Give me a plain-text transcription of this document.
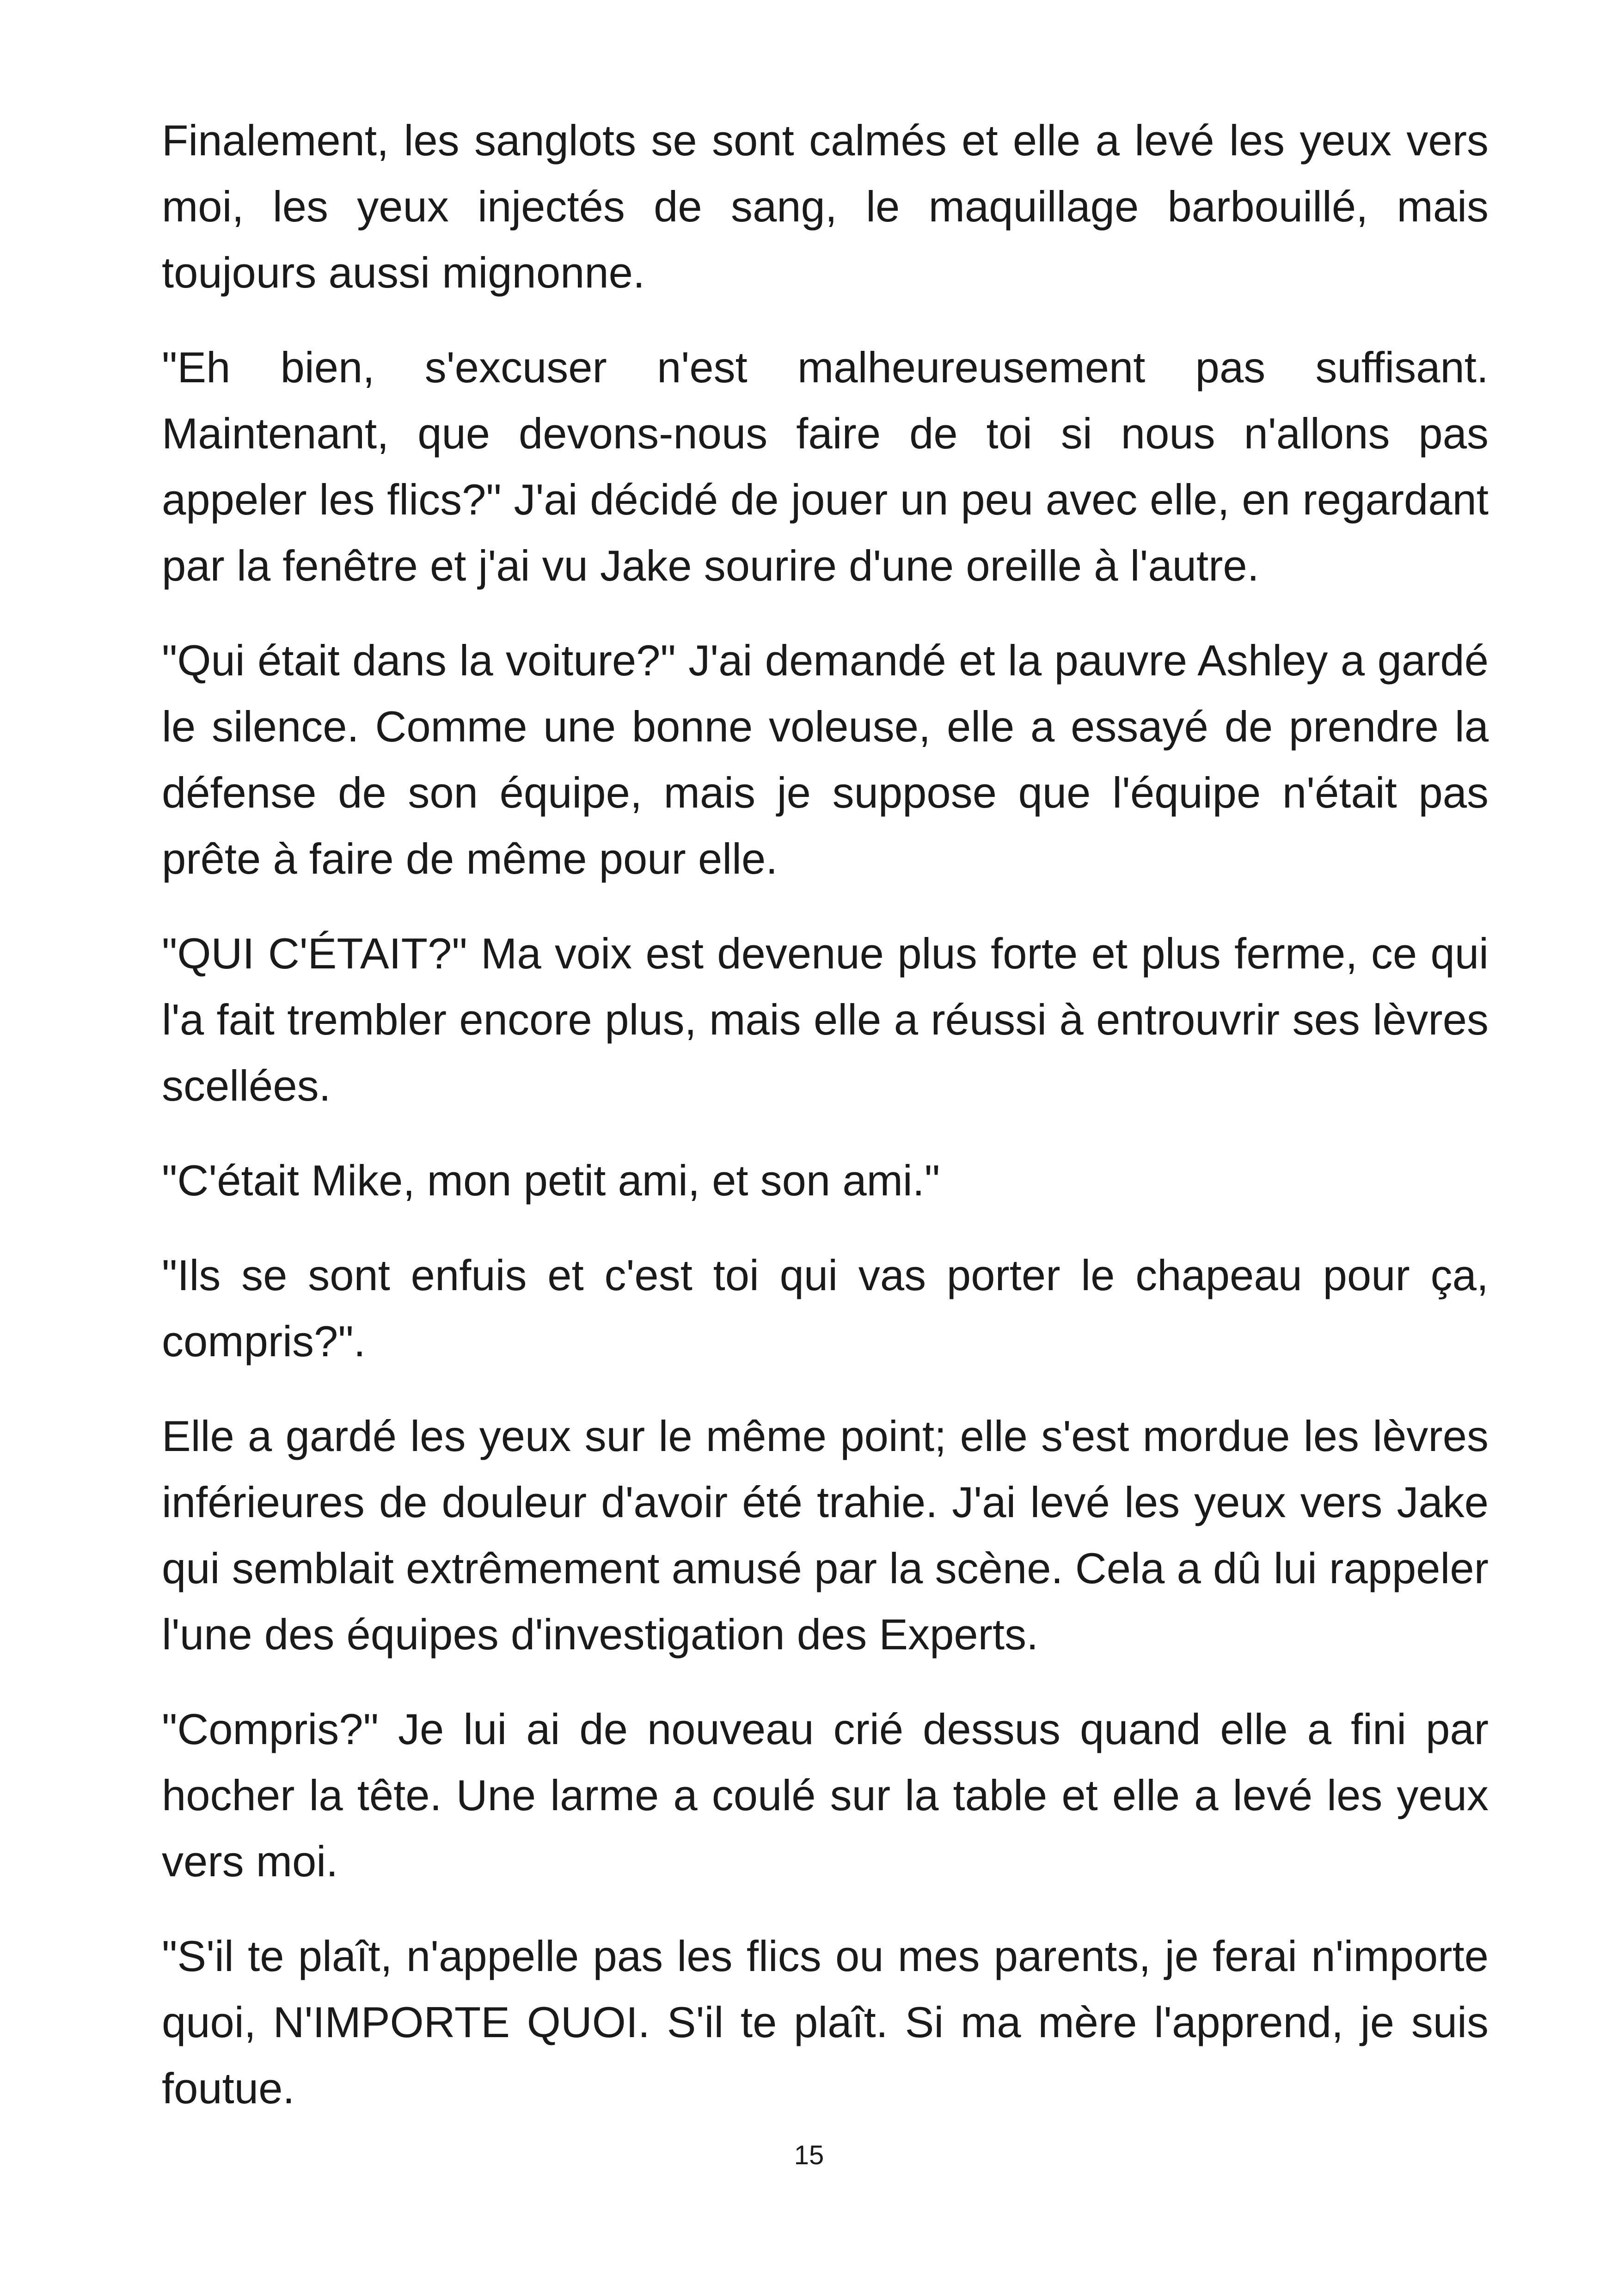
Finalement, les sanglots se sont calmés et elle a levé les yeux vers moi, les yeux injectés de sang, le maquillage barbouillé, mais toujours aussi mignonne.

"Eh bien, s'excuser n'est malheureusement pas suffisant. Maintenant, que devons-nous faire de toi si nous n'allons pas appeler les flics?" J'ai décidé de jouer un peu avec elle, en regardant par la fenêtre et j'ai vu Jake sourire d'une oreille à l'autre.

"Qui était dans la voiture?" J'ai demandé et la pauvre Ashley a gardé le silence. Comme une bonne voleuse, elle a essayé de prendre la défense de son équipe, mais je suppose que l'équipe n'était pas prête à faire de même pour elle.

"QUI C'ÉTAIT?" Ma voix est devenue plus forte et plus ferme, ce qui l'a fait trembler encore plus, mais elle a réussi à entrouvrir ses lèvres scellées.

"C'était Mike, mon petit ami, et son ami."

"Ils se sont enfuis et c'est toi qui vas porter le chapeau pour ça, compris?".

Elle a gardé les yeux sur le même point; elle s'est mordue les lèvres inférieures de douleur d'avoir été trahie. J'ai levé les yeux vers Jake qui semblait extrêmement amusé par la scène. Cela a dû lui rappeler l'une des équipes d'investigation des Experts.

"Compris?" Je lui ai de nouveau crié dessus quand elle a fini par hocher la tête. Une larme a coulé sur la table et elle a levé les yeux vers moi.

"S'il te plaît, n'appelle pas les flics ou mes parents, je ferai n'importe quoi, N'IMPORTE QUOI. S'il te plaît. Si ma mère l'apprend, je suis foutue.

15
